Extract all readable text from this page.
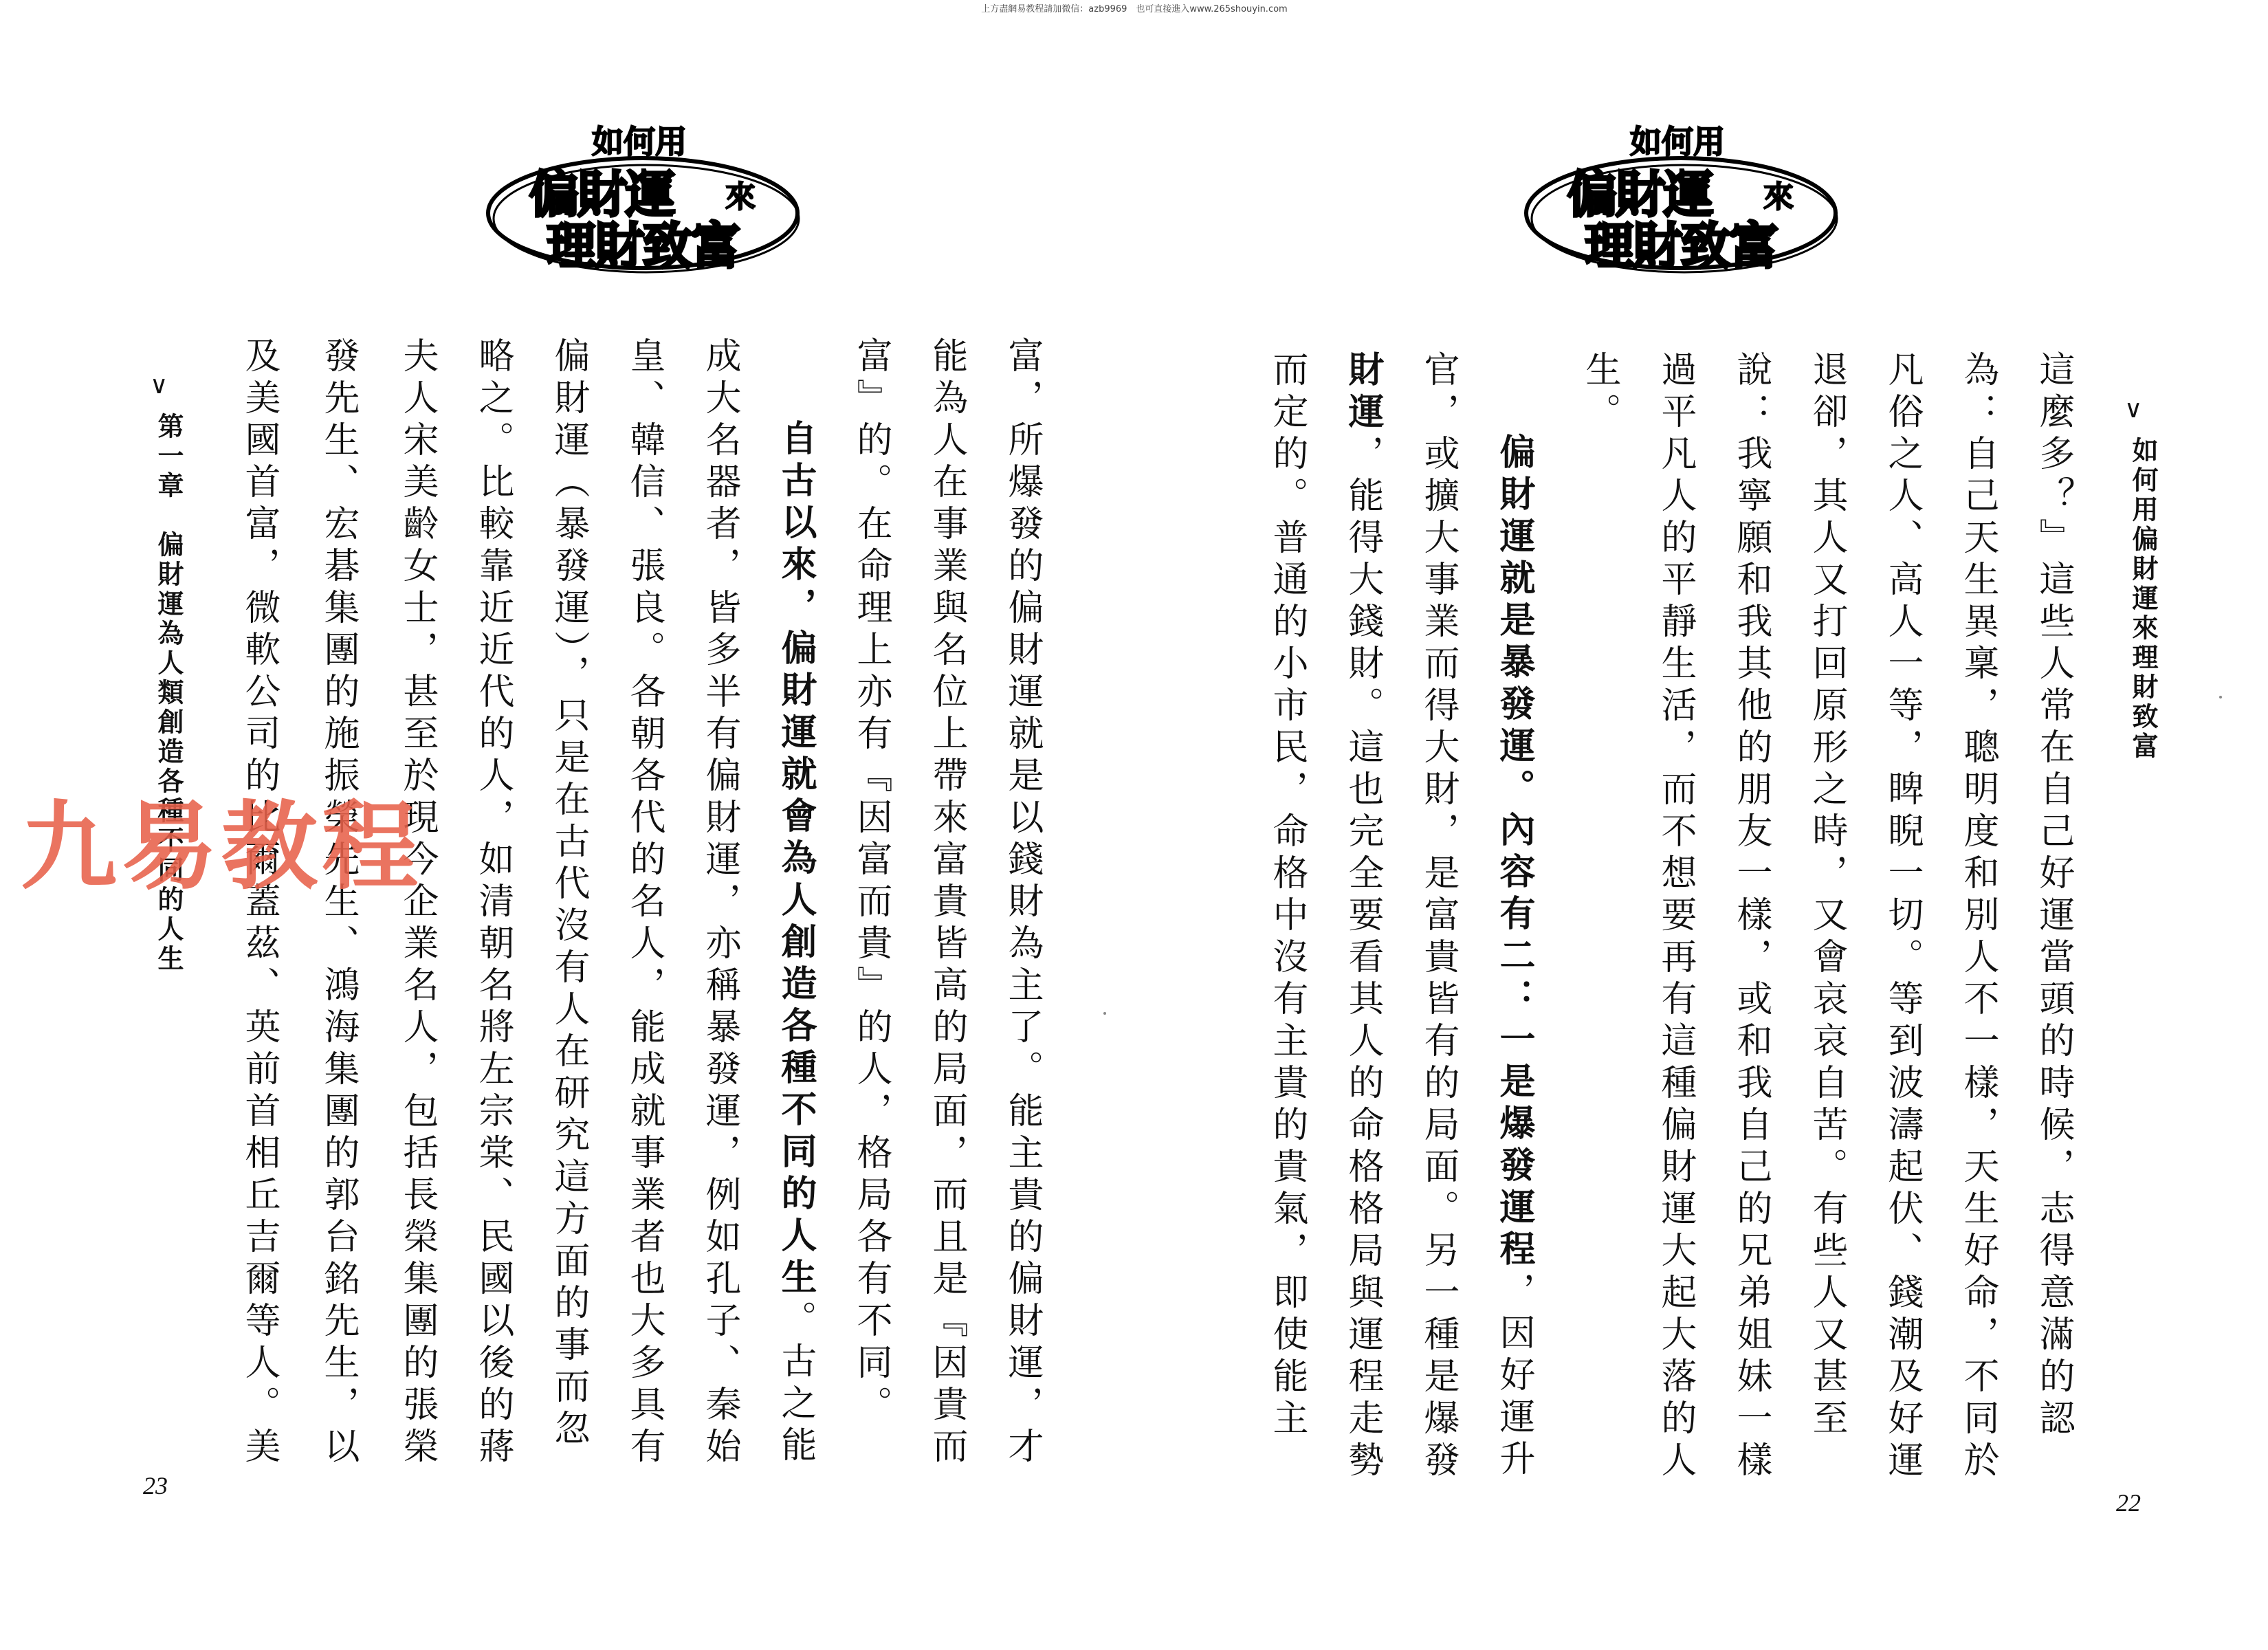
上方盡網易教程請加微信：azb9969　也可直接進入www.265shouyin.com
如何用
偏財運 來
理財致富
如何用
偏財運 來
理財致富
富，所爆發的偏財運就是以錢財為主了。能主貴的偏財運，才
能為人在事業與名位上帶來富貴皆高的局面，而且是『因貴而
富』的。在命理上亦有『因富而貴』的人，格局各有不同。
自古以來，偏財運就會為人創造各種不同的人生。古之能
成大名器者，皆多半有偏財運，亦稱暴發運，例如孔子、秦始
皇、韓信、張良。各朝各代的名人，能成就事業者也大多具有
偏財運（暴發運），只是在古代沒有人在研究這方面的事而忽
略之。比較靠近近代的人，如清朝名將左宗棠、民國以後的蔣
夫人宋美齡女士，甚至於現今企業名人，包括長榮集團的張榮
發先生、宏碁集團的施振榮先生、鴻海集團的郭台銘先生，以
及美國首富，微軟公司的比爾蓋茲、英前首相丘吉爾等人。美
∨
第一章　偏財運為人類創造各種不同的人生
23
∨
如何用偏財運來理財致富
這麼多？』這些人常在自己好運當頭的時候，志得意滿的認
為：自己天生異稟，聰明度和別人不一樣，天生好命，不同於
凡俗之人、高人一等，睥睨一切。等到波濤起伏、錢潮及好運
退卻，其人又打回原形之時，又會哀哀自苦。有些人又甚至
說：我寧願和我其他的朋友一樣，或和我自己的兄弟姐妹一樣
過平凡人的平靜生活，而不想要再有這種偏財運大起大落的人
生。
偏財運就是暴發運。內容有二：一是爆發運程，因好運升
官，或擴大事業而得大財，是富貴皆有的局面。另一種是爆發
財運，能得大錢財。這也完全要看其人的命格格局與運程走勢
而定的。普通的小市民，命格中沒有主貴的貴氣，即使能主
22
九易教程
